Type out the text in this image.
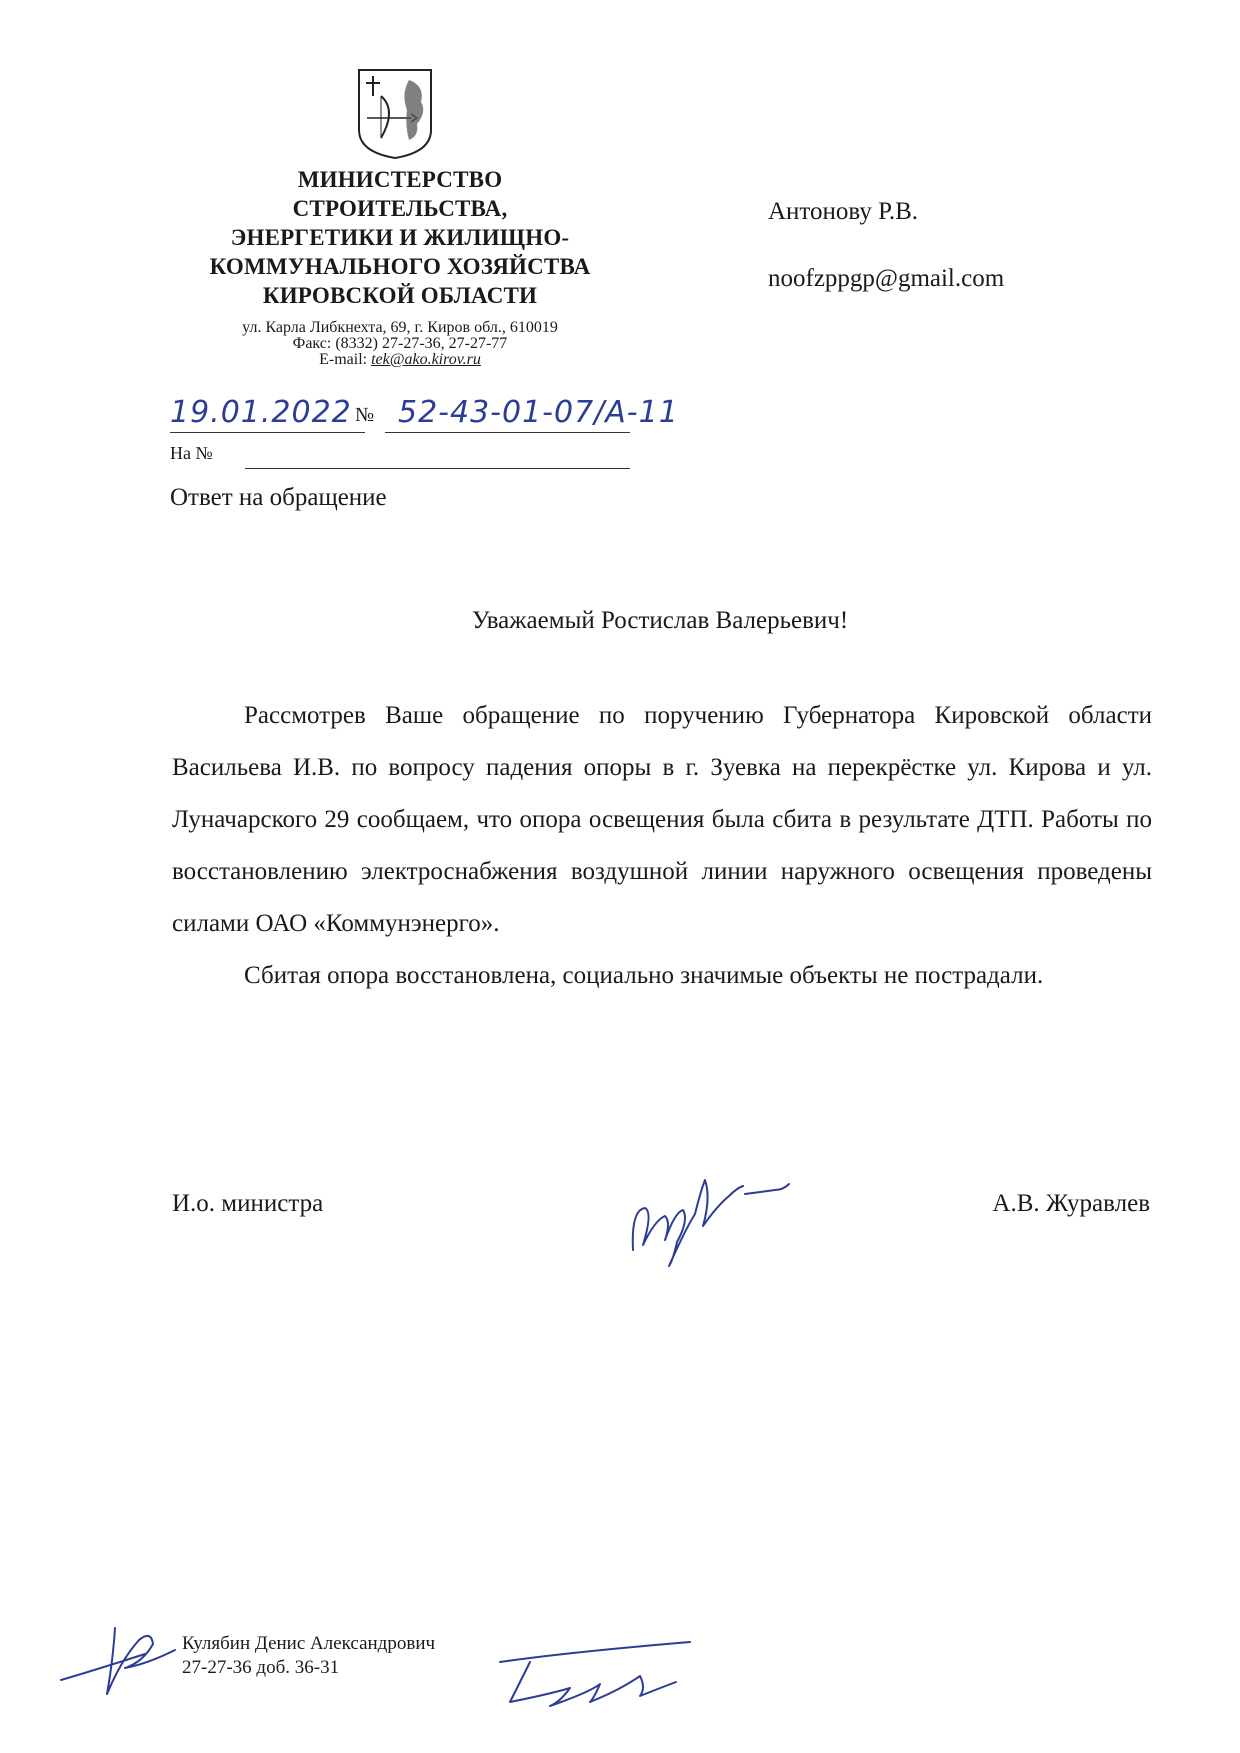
МИНИСТЕРСТВО
СТРОИТЕЛЬСТВА,
ЭНЕРГЕТИКИ И ЖИЛИЩНО-
КОММУНАЛЬНОГО ХОЗЯЙСТВА
КИРОВСКОЙ ОБЛАСТИ
ул. Карла Либкнехта, 69, г. Киров обл., 610019
Факс: (8332) 27-27-36, 27-27-77
E-mail: tek@ako.kirov.ru
Антонову Р.В.
noofzppgp@gmail.com
19.01.2022 № 52-43-01-07/А-11
На №
Ответ на обращение
Уважаемый Ростислав Валерьевич!

Рассмотрев Ваше обращение по поручению Губернатора Кировской области Васильева И.В. по вопросу падения опоры в г. Зуевка на перекрёстке ул. Кирова и ул. Луначарского 29 сообщаем, что опора освещения была сбита в результате ДТП. Работы по восстановлению электроснабжения воздушной линии наружного освещения проведены силами ОАО «Коммунэнерго».

Сбитая опора восстановлена, социально значимые объекты не пострадали.

И.о. министра	А.В. Журавлев
Кулябин Денис Александрович
27-27-36 доб. 36-31
